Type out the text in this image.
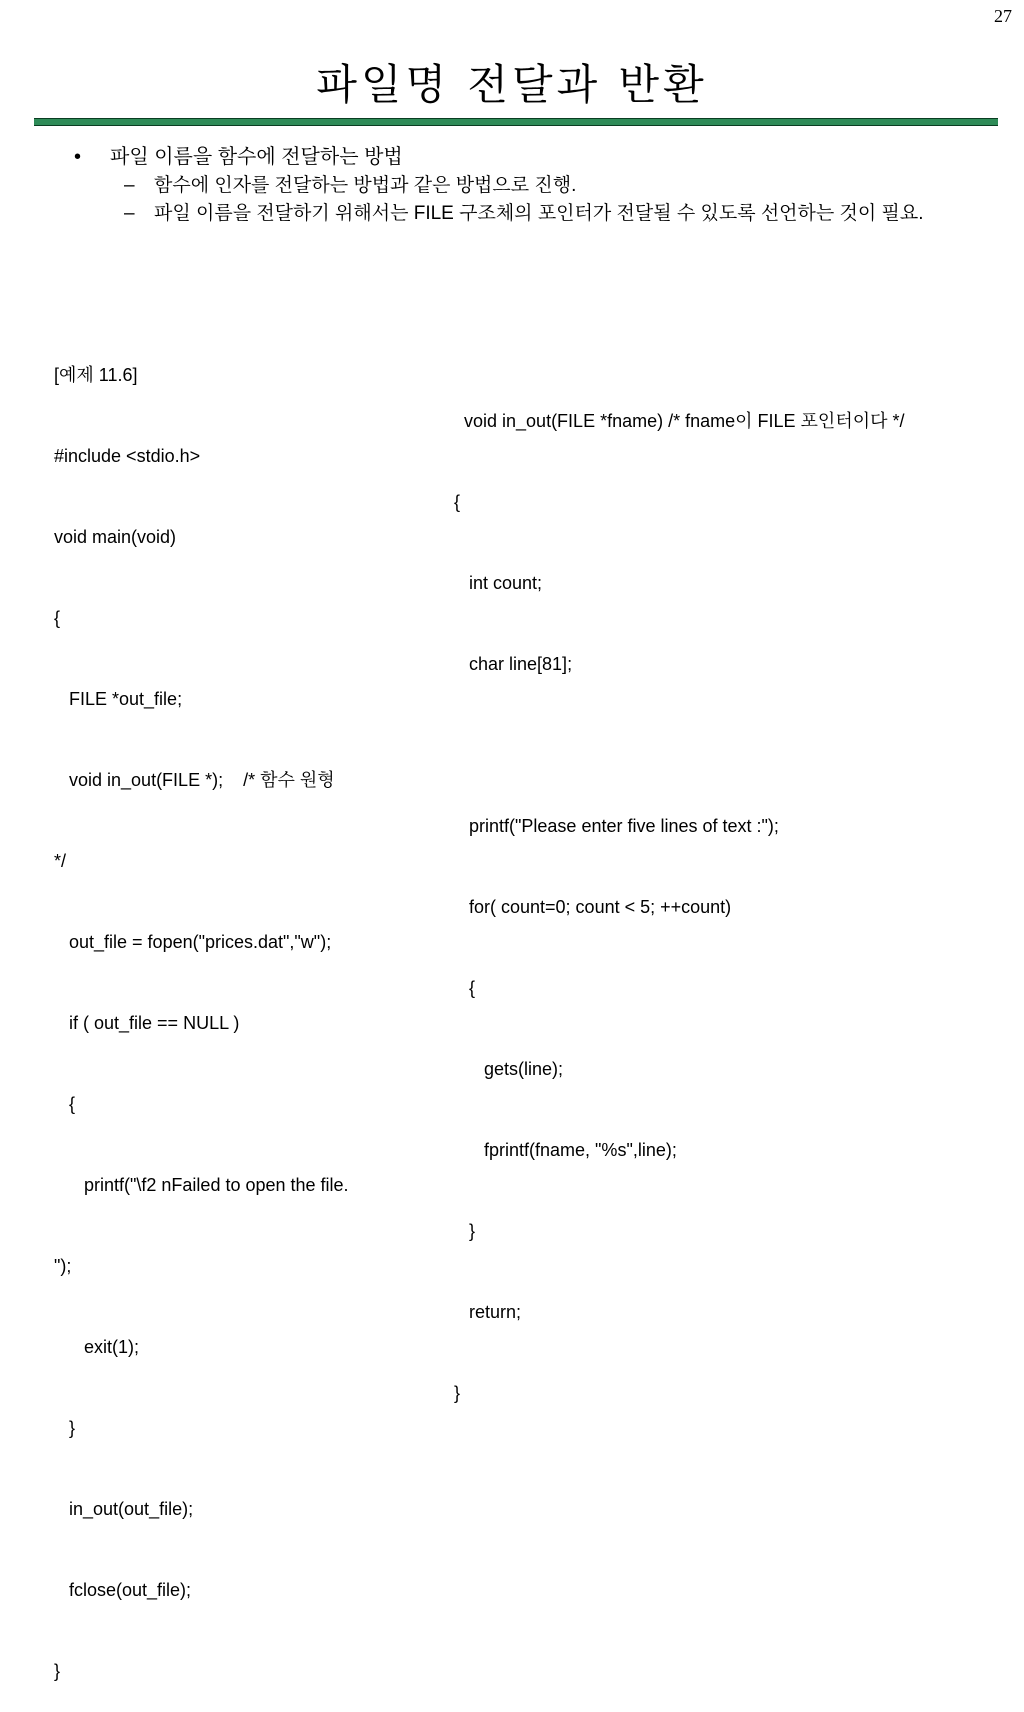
27
파일명 전달과 반환
•	파일 이름을 함수에 전달하는 방법
–	함수에 인자를 전달하는 방법과 같은 방법으로 진행.
–	파일 이름을 전달하기 위해서는 FILE 구조체의 포인터가 전달될 수 있도록 선언하는 것이 필요.

[예제 11.6]

#include <stdio.h>

void main(void)

{

FILE *out_file;

void in_out(FILE *);    /* 함수 원형

*/

out_file = fopen("prices.dat","w");

if ( out_file == NULL )

{

printf("\f2 nFailed to open the file.

");

exit(1);

}

in_out(out_file);

fclose(out_file);

}

void in_out(FILE *fname) /* fname이 FILE 포인터이다 */

{

int count;

char line[81];

printf("Please enter five lines of text :");

for( count=0; count < 5; ++count)

{

gets(line);

fprintf(fname, "%s",line);

}

return;

}
